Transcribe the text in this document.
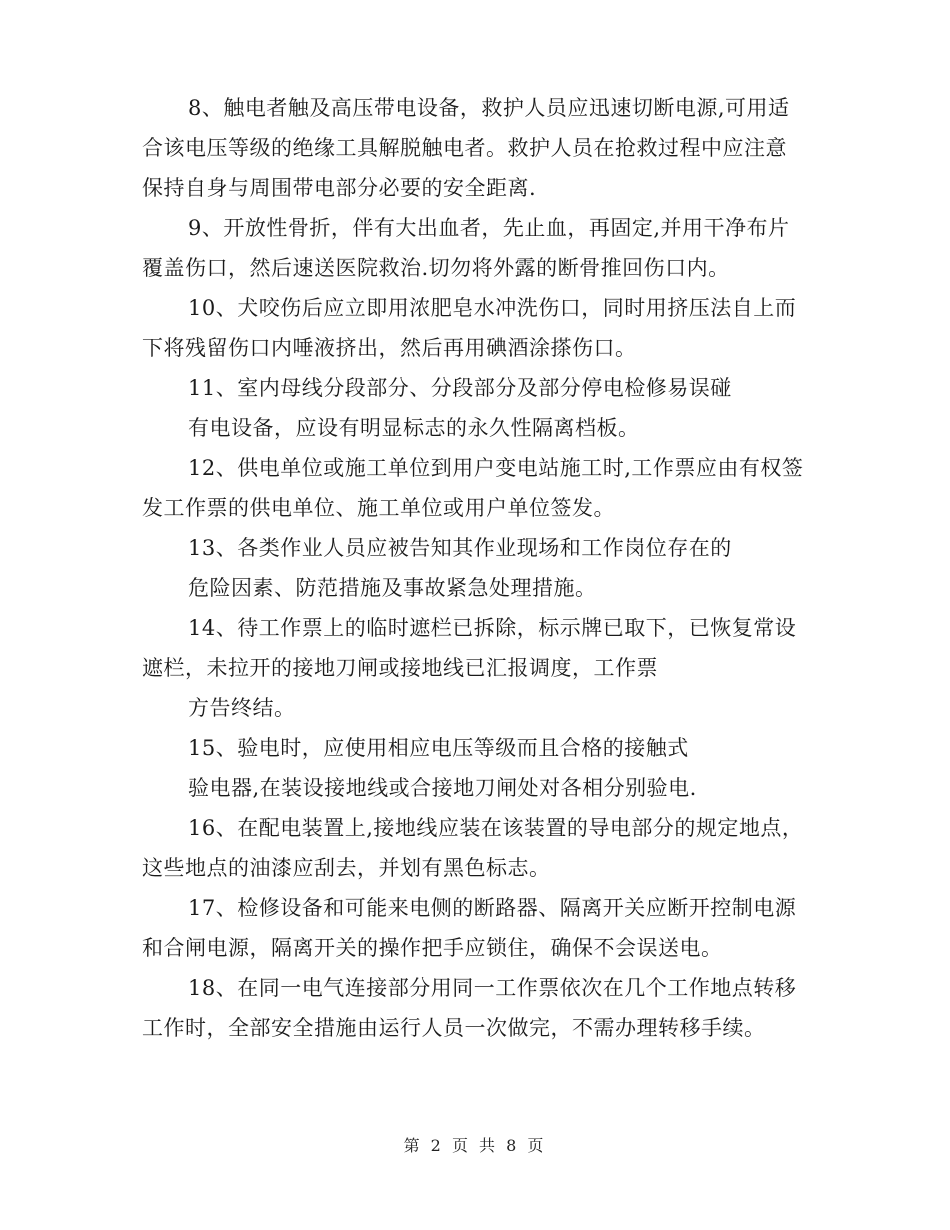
8、触电者触及高压带电设备，救护人员应迅速切断电源,可用适
合该电压等级的绝缘工具解脱触电者。救护人员在抢救过程中应注意
保持自身与周围带电部分必要的安全距离.
9、开放性骨折，伴有大出血者，先止血，再固定,并用干净布片
覆盖伤口，然后速送医院救治.切勿将外露的断骨推回伤口内。
10、犬咬伤后应立即用浓肥皂水冲洗伤口，同时用挤压法自上而
下将残留伤口内唾液挤出，然后再用碘酒涂搽伤口。
11、室内母线分段部分、分段部分及部分停电检修易误碰
有电设备，应设有明显标志的永久性隔离档板。
12、供电单位或施工单位到用户变电站施工时,工作票应由有权签
发工作票的供电单位、施工单位或用户单位签发。
13、各类作业人员应被告知其作业现场和工作岗位存在的
危险因素、防范措施及事故紧急处理措施。
14、待工作票上的临时遮栏已拆除，标示牌已取下，已恢复常设
遮栏，未拉开的接地刀闸或接地线已汇报调度，工作票
方告终结。
15、验电时，应使用相应电压等级而且合格的接触式
验电器,在装设接地线或合接地刀闸处对各相分别验电.
16、在配电装置上,接地线应装在该装置的导电部分的规定地点，
这些地点的油漆应刮去，并划有黑色标志。
17、检修设备和可能来电侧的断路器、隔离开关应断开控制电源
和合闸电源，隔离开关的操作把手应锁住，确保不会误送电。
18、在同一电气连接部分用同一工作票依次在几个工作地点转移
工作时，全部安全措施由运行人员一次做完，不需办理转移手续。
第 2 页 共 8 页
